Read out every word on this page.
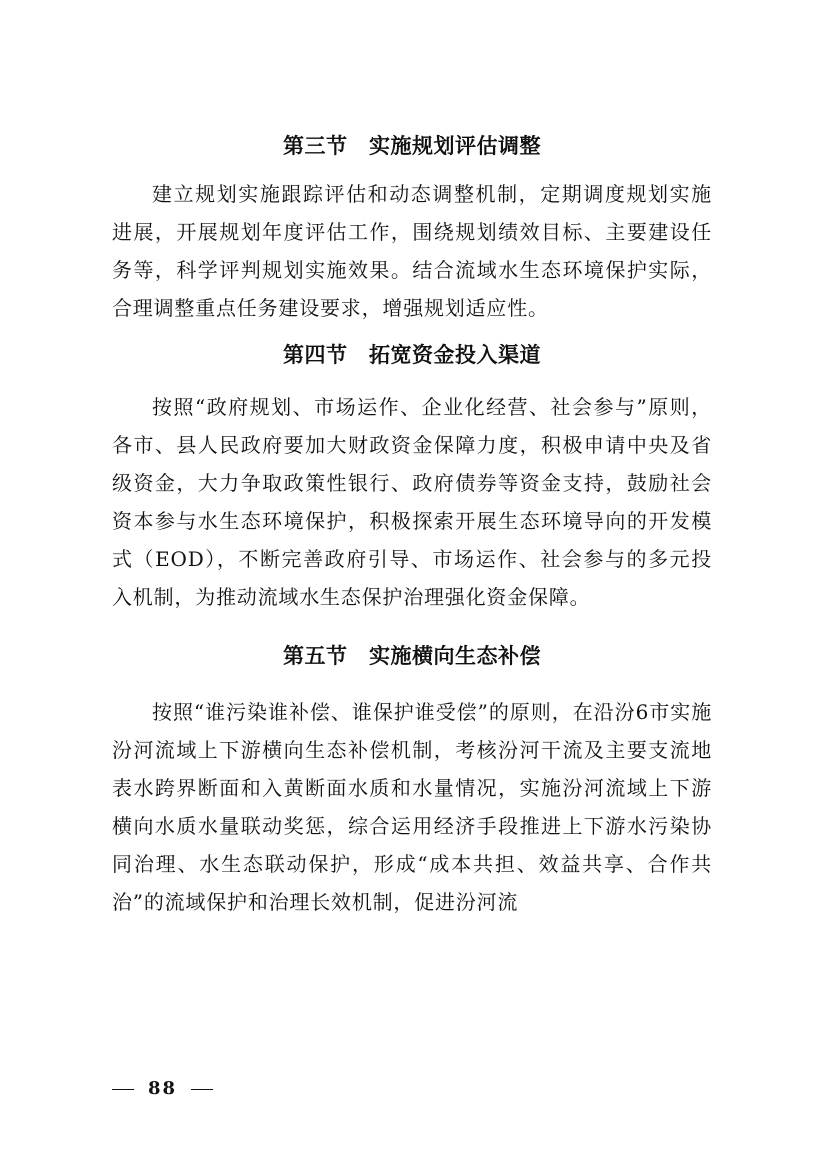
第三节　实施规划评估调整

建立规划实施跟踪评估和动态调整机制，定期调度规划实施进展，开展规划年度评估工作，围绕规划绩效目标、主要建设任务等，科学评判规划实施效果。结合流域水生态环境保护实际，合理调整重点任务建设要求，增强规划适应性。

第四节　拓宽资金投入渠道

按照“政府规划、市场运作、企业化经营、社会参与”原则，各市、县人民政府要加大财政资金保障力度，积极申请中央及省级资金，大力争取政策性银行、政府债券等资金支持，鼓励社会资本参与水生态环境保护，积极探索开展生态环境导向的开发模式（EOD），不断完善政府引导、市场运作、社会参与的多元投入机制，为推动流域水生态保护治理强化资金保障。

第五节　实施横向生态补偿

按照“谁污染谁补偿、谁保护谁受偿”的原则，在沿汾6市实施汾河流域上下游横向生态补偿机制，考核汾河干流及主要支流地表水跨界断面和入黄断面水质和水量情况，实施汾河流域上下游横向水质水量联动奖惩，综合运用经济手段推进上下游水污染协同治理、水生态联动保护，形成“成本共担、效益共享、合作共治”的流域保护和治理长效机制，促进汾河流

88
